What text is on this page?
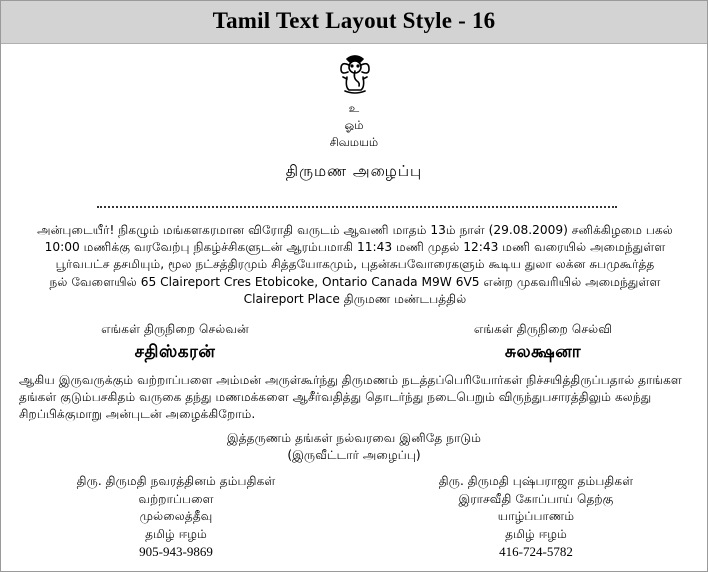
Tamil Text Layout Style - 16
உ
ஓம்
சிவமயம்
திருமண அழைப்பு
அன்புடையீர்! நிகழும் மங்களகரமான விரோதி வருடம் ஆவணி மாதம் 13ம் நாள் (29.08.2009) சனிக்கிழமை பகல்
10:00 மணிக்கு வரவேற்பு நிகழ்ச்சிகளுடன் ஆரம்பமாகி 11:43 மணி முதல் 12:43 மணி வரையில் அமைந்துள்ள
பூர்வபட்ச தசமியும், மூல நட்சத்திரமும் சித்தயோகமும், புதன்சுபவோரைகளும் கூடிய துலா லக்ன சுபமுகூர்த்த
நல் வேளையில் 65 Claireport Cres Etobicoke, Ontario Canada M9W 6V5 என்ற முகவரியில் அமைந்துள்ள
Claireport Place திருமண மண்டபத்தில்
எங்கள் திருநிறை செல்வன்
சதிஸ்கரன்
எங்கள் திருநிறை செல்வி
சுலக்ஷனா
ஆகிய இருவருக்கும் வற்றாப்பளை அம்மன் அருள்கூர்ந்து திருமணம் நடத்தப்பெரியோர்கள் நிச்சயித்திருப்பதால் தாங்கள
தங்கள் குடும்பசகிதம் வருகை தந்து மணமக்களை ஆசீர்வதித்து தொடர்ந்து நடைபெறும் விருந்துபசாரத்திலும் கலந்து
சிறப்பிக்குமாறு அன்புடன் அழைக்கிறோம்.
இத்தருணம் தங்கள் நல்வரவை இனிதே நாடும்
(இருவீட்டார் அழைப்பு)
திரு. திருமதி நவரத்தினம் தம்பதிகள்
வற்றாப்பளை
முல்லைத்தீவு
தமிழ் ஈழம்
905-943-9869
திரு. திருமதி புஷ்பராஜா தம்பதிகள்
இராசவீதி கோப்பாய் தெற்கு
யாழ்ப்பாணம்
தமிழ் ஈழம்
416-724-5782
